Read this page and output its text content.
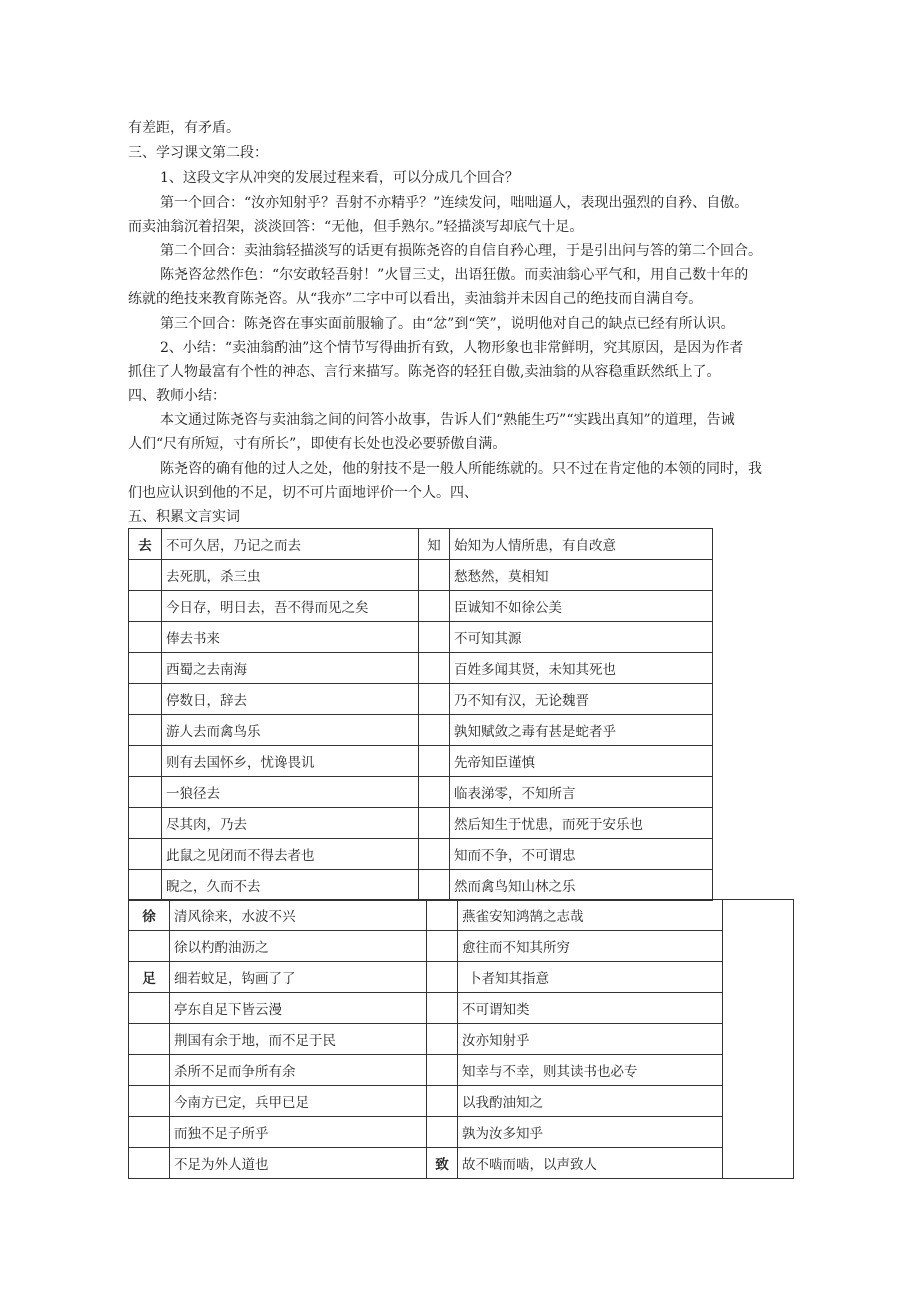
有差距，有矛盾。
三、学习课文第二段：
1、这段文字从冲突的发展过程来看，可以分成几个回合？
第一个回合：“汝亦知射乎？吾射不亦精乎？”连续发问，咄咄逼人，表现出强烈的自矜、自傲。
而卖油翁沉着招架，淡淡回答：“无他，但手熟尔。”轻描淡写却底气十足。
第二个回合：卖油翁轻描淡写的话更有损陈尧咨的自信自矜心理，于是引出问与答的第二个回合。
陈尧咨忿然作色：“尔安敢轻吾射！”火冒三丈，出语狂傲。而卖油翁心平气和，用自己数十年的
练就的绝技来教育陈尧咨。从“我亦”二字中可以看出，卖油翁并未因自己的绝技而自满自夸。
第三个回合：陈尧咨在事实面前服输了。由“忿”到“笑”，说明他对自己的缺点已经有所认识。
2、小结：“卖油翁酌油”这个情节写得曲折有致，人物形象也非常鲜明，究其原因，是因为作者
抓住了人物最富有个性的神态、言行来描写。陈尧咨的轻狂自傲,卖油翁的从容稳重跃然纸上了。
四、教师小结：
本文通过陈尧咨与卖油翁之间的问答小故事，告诉人们“熟能生巧”“实践出真知”的道理，告诫
人们“尺有所短，寸有所长”，即使有长处也没必要骄傲自满。
陈尧咨的确有他的过人之处，他的射技不是一般人所能练就的。只不过在肯定他的本领的同时，我
们也应认识到他的不足，切不可片面地评价一个人。四、
五、积累文言实词
去	不可久居，乃记之而去	知	始知为人情所患，有自改意
	去死肌，杀三虫		愁愁然，莫相知
	今日存，明日去，吾不得而见之矣		臣诚知不如徐公美
	俸去书来		不可知其源
	西蜀之去南海		百姓多闻其贤，未知其死也
	停数日，辞去		乃不知有汉，无论魏晋
	游人去而禽鸟乐		孰知赋敛之毒有甚是蛇者乎
	则有去国怀乡，忧谗畏讥		先帝知臣谨慎
	一狼径去		临表涕零，不知所言
	尽其肉，乃去		然后知生于忧患，而死于安乐也
	此鼠之见闭而不得去者也		知而不争，不可谓忠
	睨之，久而不去		然而禽鸟知山林之乐
徐	清风徐来，水波不兴		燕雀安知鸿鹄之志哉	
	徐以杓酌油沥之		愈往而不知其所穷	
足	细若蚊足，钩画了了		卜者知其指意	
	亭东自足下皆云漫		不可谓知类	
	荆国有余于地，而不足于民		汝亦知射乎	
	杀所不足而争所有余		知幸与不幸，则其读书也必专	
	今南方已定，兵甲已足		以我酌油知之	
	而独不足子所乎		孰为汝多知乎	
	不足为外人道也	致	故不啮而啮，以声致人	
